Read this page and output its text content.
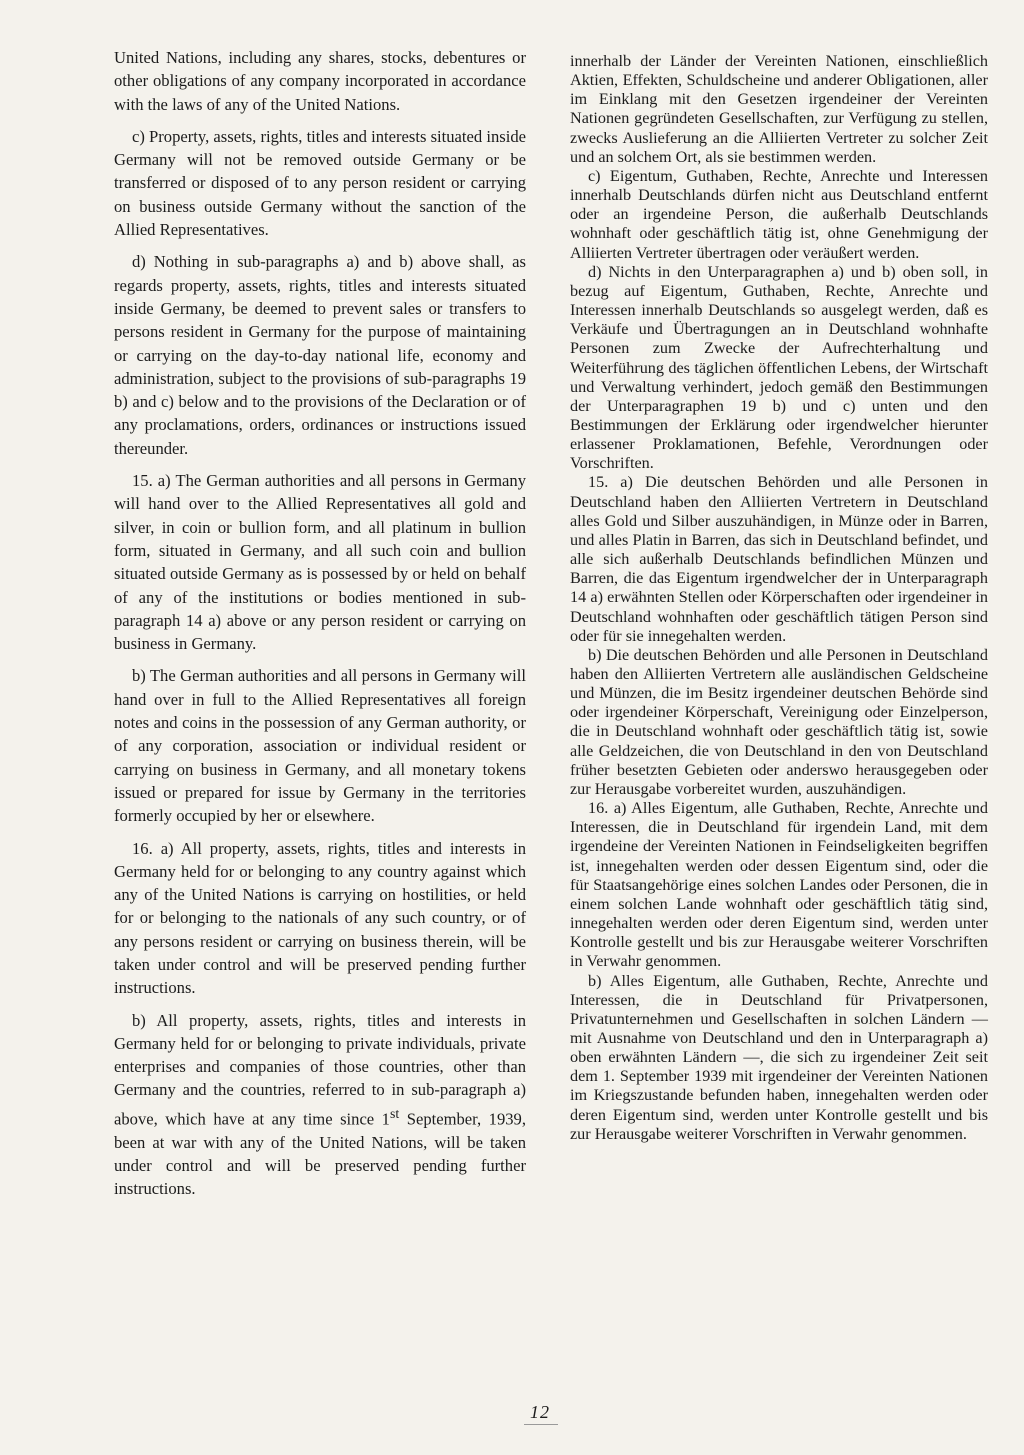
United Nations, including any shares, stocks, debentures or other obligations of any company incorporated in accordance with the laws of any of the United Nations.

c) Property, assets, rights, titles and interests situated inside Germany will not be removed outside Germany or be transferred or disposed of to any person resident or carrying on business outside Germany without the sanction of the Allied Representatives.

d) Nothing in sub-paragraphs a) and b) above shall, as regards property, assets, rights, titles and interests situated inside Germany, be deemed to prevent sales or transfers to persons resident in Germany for the purpose of maintaining or carrying on the day-to-day national life, economy and administration, subject to the provisions of sub-paragraphs 19 b) and c) below and to the provisions of the Declaration or of any proclamations, orders, ordinances or instructions issued thereunder.

15. a) The German authorities and all persons in Germany will hand over to the Allied Representatives all gold and silver, in coin or bullion form, and all platinum in bullion form, situated in Germany, and all such coin and bullion situated outside Germany as is possessed by or held on behalf of any of the institutions or bodies mentioned in sub-paragraph 14 a) above or any person resident or carrying on business in Germany.

b) The German authorities and all persons in Germany will hand over in full to the Allied Representatives all foreign notes and coins in the possession of any German authority, or of any corporation, association or individual resident or carrying on business in Germany, and all monetary tokens issued or prepared for issue by Germany in the territories formerly occupied by her or elsewhere.

16. a) All property, assets, rights, titles and interests in Germany held for or belonging to any country against which any of the United Nations is carrying on hostilities, or held for or belonging to the nationals of any such country, or of any persons resident or carrying on business therein, will be taken under control and will be preserved pending further instructions.

b) All property, assets, rights, titles and interests in Germany held for or belonging to private individuals, private enterprises and companies of those countries, other than Germany and the countries, referred to in sub-paragraph a) above, which have at any time since 1st September, 1939, been at war with any of the United Nations, will be taken under control and will be preserved pending further instructions.

innerhalb der Länder der Vereinten Nationen, einschließlich Aktien, Effekten, Schuldscheine und anderer Obligationen, aller im Einklang mit den Gesetzen irgendeiner der Vereinten Nationen gegründeten Gesellschaften, zur Verfügung zu stellen, zwecks Auslieferung an die Alliierten Vertreter zu solcher Zeit und an solchem Ort, als sie bestimmen werden.

c) Eigentum, Guthaben, Rechte, Anrechte und Interessen innerhalb Deutschlands dürfen nicht aus Deutschland entfernt oder an irgendeine Person, die außerhalb Deutschlands wohnhaft oder geschäftlich tätig ist, ohne Genehmigung der Alliierten Vertreter übertragen oder veräußert werden.

d) Nichts in den Unterparagraphen a) und b) oben soll, in bezug auf Eigentum, Guthaben, Rechte, Anrechte und Interessen innerhalb Deutschlands so ausgelegt werden, daß es Verkäufe und Übertragungen an in Deutschland wohnhafte Personen zum Zwecke der Aufrechterhaltung und Weiterführung des täglichen öffentlichen Lebens, der Wirtschaft und Verwaltung verhindert, jedoch gemäß den Bestimmungen der Unterparagraphen 19 b) und c) unten und den Bestimmungen der Erklärung oder irgendwelcher hierunter erlassener Proklamationen, Befehle, Verordnungen oder Vorschriften.

15. a) Die deutschen Behörden und alle Personen in Deutschland haben den Alliierten Vertretern in Deutschland alles Gold und Silber auszuhändigen, in Münze oder in Barren, und alles Platin in Barren, das sich in Deutschland befindet, und alle sich außerhalb Deutschlands befindlichen Münzen und Barren, die das Eigentum irgendwelcher der in Unterparagraph 14 a) erwähnten Stellen oder Körperschaften oder irgendeiner in Deutschland wohnhaften oder geschäftlich tätigen Person sind oder für sie innegehalten werden.

b) Die deutschen Behörden und alle Personen in Deutschland haben den Alliierten Vertretern alle ausländischen Geldscheine und Münzen, die im Besitz irgendeiner deutschen Behörde sind oder irgendeiner Körperschaft, Vereinigung oder Einzelperson, die in Deutschland wohnhaft oder geschäftlich tätig ist, sowie alle Geldzeichen, die von Deutschland in den von Deutschland früher besetzten Gebieten oder anderswo herausgegeben oder zur Herausgabe vorbereitet wurden, auszuhändigen.

16. a) Alles Eigentum, alle Guthaben, Rechte, Anrechte und Interessen, die in Deutschland für irgendein Land, mit dem irgendeine der Vereinten Nationen in Feindseligkeiten begriffen ist, innegehalten werden oder dessen Eigentum sind, oder die für Staatsangehörige eines solchen Landes oder Personen, die in einem solchen Lande wohnhaft oder geschäftlich tätig sind, innegehalten werden oder deren Eigentum sind, werden unter Kontrolle gestellt und bis zur Herausgabe weiterer Vorschriften in Verwahr genommen.

b) Alles Eigentum, alle Guthaben, Rechte, Anrechte und Interessen, die in Deutschland für Privatpersonen, Privatunternehmen und Gesellschaften in solchen Ländern — mit Ausnahme von Deutschland und den in Unterparagraph a) oben erwähnten Ländern —, die sich zu irgendeiner Zeit seit dem 1. September 1939 mit irgendeiner der Vereinten Nationen im Kriegszustande befunden haben, innegehalten werden oder deren Eigentum sind, werden unter Kontrolle gestellt und bis zur Herausgabe weiterer Vorschriften in Verwahr genommen.

12
